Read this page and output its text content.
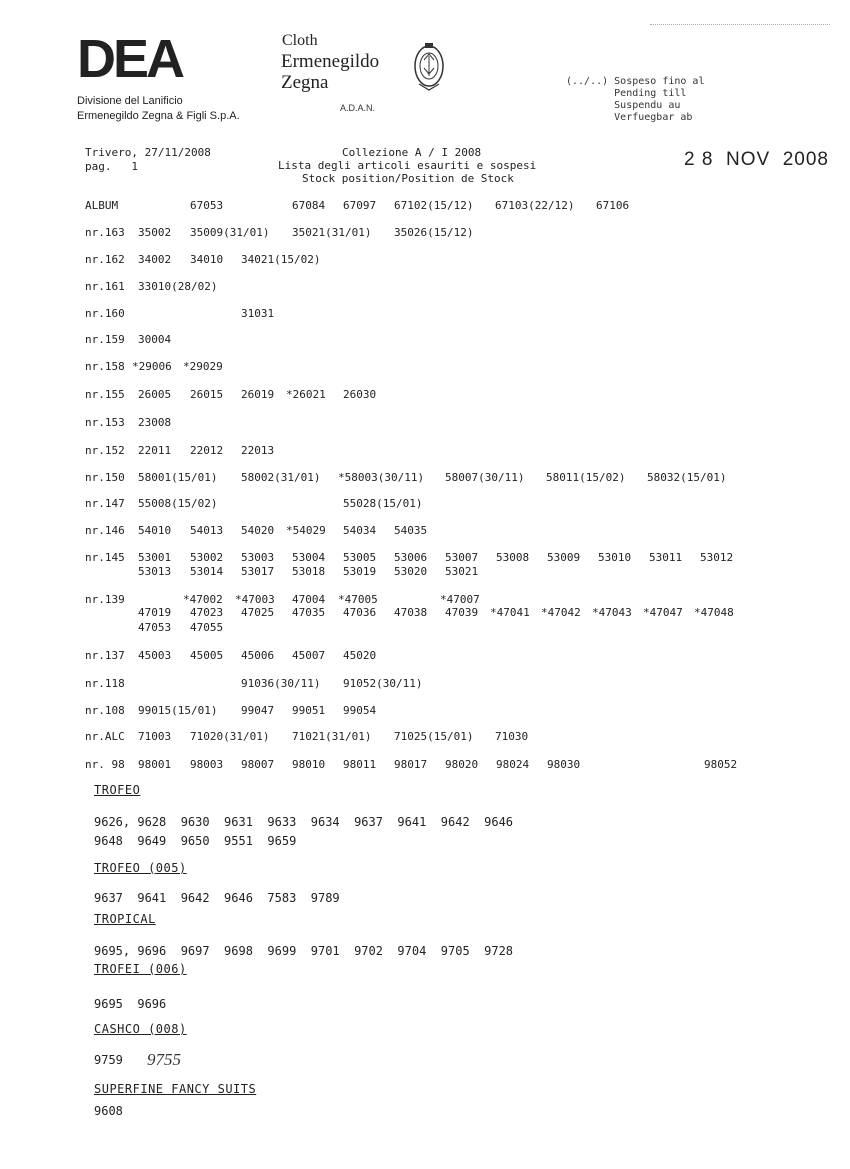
DEA
Divisione del Lanificio
Ermenegildo Zegna & Figli S.p.A.
Cloth
Ermenegildo
Zegna
A.D.A.N.
(../..) Sospeso fino al
Pending till
Suspendu au
Verfuegbar ab
Trivero, 27/11/2008
pag. 1
Collezione A / I 2008
Lista degli articoli esauriti e sospesi
Stock position/Position de Stock
2 8  NOV  2008
ALBUM	67053	67084 67097 67102(15/12) 67103(22/12) 67106
nr.163 35002 35009(31/01) 35021(31/01) 35026(15/12)
nr.162 34002 34010 34021(15/02)
nr.161 33010(28/02)
nr.160	31031
nr.159 30004
nr.158 *29006 *29029
nr.155 26005 26015 26019 *26021 26030
nr.153 23008
nr.152 22011 22012 22013
nr.150 58001(15/01) 58002(31/01) *58003(30/11) 58007(30/11) 58011(15/02) 58032(15/01)
nr.147 55008(15/02)	55028(15/01)
nr.146 54010 54013 54020 *54029 54034 54035
nr.145 53001 53002 53003 53004 53005 53006 53007 53008 53009 53010 53011 53012
53013 53014 53017 53018 53019 53020 53021
nr.139	*47002 *47003 47004 *47005	*47007
47019 47023 47025 47035 47036 47038 47039 *47041 *47042 *47043 *47047 *47048
47053 47055
nr.137 45003 45005 45006 45007 45020
nr.118	91036(30/11) 91052(30/11)
nr.108 99015(15/01) 99047 99051 99054
nr.ALC 71003 71020(31/01) 71021(31/01) 71025(15/01) 71030
nr. 98 98001 98003 98007 98010 98011 98017 98020 98024 98030	98052
TROFEO
9626, 9628  9630  9631  9633  9634  9637  9641  9642  9646
9648  9649  9650  9551  9659
TROFEO (005)
9637  9641  9642  9646  7583  9789
TROPICAL
9695, 9696  9697  9698  9699  9701  9702  9704  9705  9728
TROFEI (006)
9695  9696
CASHCO (008)
9759
SUPERFINE FANCY SUITS
9608
9755
